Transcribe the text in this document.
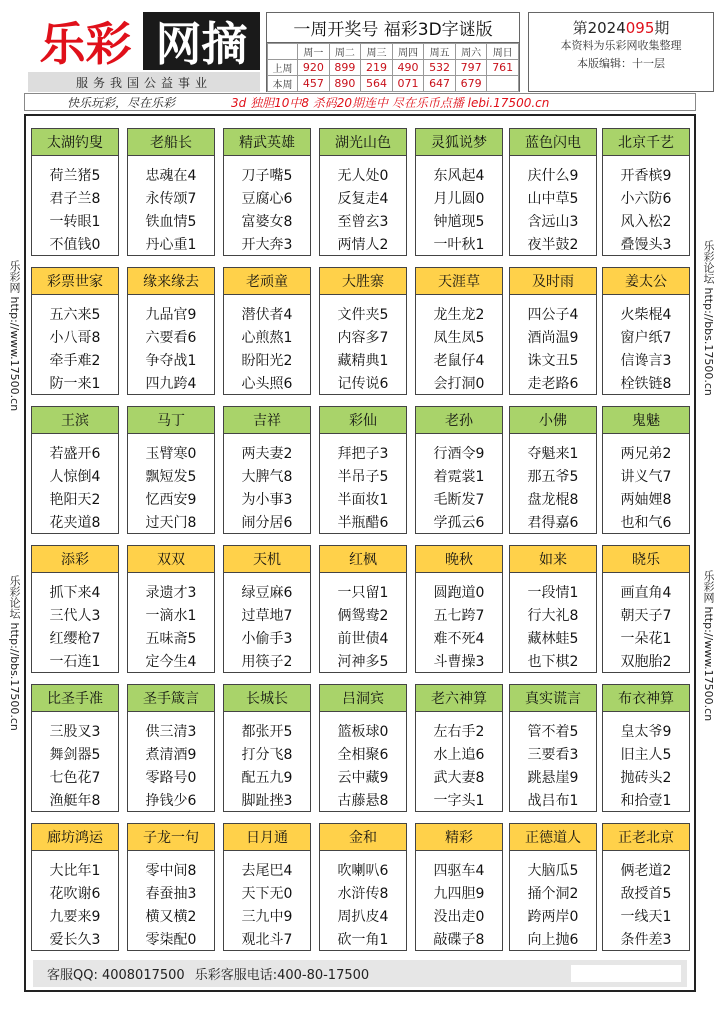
乐彩 网摘
服务我国公益事业
一周开奖号 福彩3D字谜版
	周一	周二	周三	周四	周五	周六	周日
上周	920	899	219	490	532	797	761
本周	457	890	564	071	647	679	
第2024095期
本资料为乐彩网收集整理
本版编辑：十一层
快乐玩彩，尽在乐彩	3d 独胆10中8 杀码20期连中 尽在乐币点播 lebi.17500.cn
乐彩网 http://www.17500.cn
乐彩论坛 http://bbs.17500.cn
乐彩论坛 http://bbs.17500.cn
乐彩网 http://www.17500.cn
太湖钓叟
荷兰猪5
君子兰8
一转眼1
不值钱0
老船长
忠魂在4
永传颂7
铁血情5
丹心重1
精武英雄
刀子嘴5
豆腐心6
富婆女8
开大奔3
湖光山色
无人处0
反复走4
至曾玄3
两情人2
灵狐说梦
东风起4
月儿圆0
钟馗现5
一叶秋1
蓝色闪电
庆什么9
山中草5
含远山3
夜半鼓2
北京千艺
开香槟9
小六防6
风入松2
叠馒头3
彩票世家
五六来5
小八哥8
牵手难2
防一来1
缘来缘去
九品官9
六要看6
争夺战1
四九跨4
老顽童
潜伏者4
心煎熬1
盼阳光2
心头照6
大胜寨
文件夹5
内容多7
藏精典1
记传说6
天涯草
龙生龙2
凤生凤5
老鼠仔4
会打洞0
及时雨
四公子4
酒尚温9
诛文丑5
走老路6
姜太公
火柴棍4
窗户纸7
信谗言3
栓铁链8
王滨
若盛开6
人惊倒4
艳阳天2
花夹道8
马丁
玉臂寒0
飘短发5
忆西安9
过天门8
吉祥
两夫妻2
大脾气8
为小事3
闹分居6
彩仙
拜把子3
半吊子5
半面妆1
半瓶醋6
老孙
行酒令9
着霓裳1
毛断发7
学孤云6
小佛
夺魁来1
那五爷5
盘龙棍8
君得嘉6
鬼魅
两兄弟2
讲义气7
两妯娌8
也和气6
添彩
抓下来4
三代人3
红缨枪7
一石连1
双双
录遗才3
一滴水1
五味斋5
定今生4
天机
绿豆麻6
过草地7
小偷手3
用筷子2
红枫
一只留1
俩鸳鸯2
前世债4
河神多5
晚秋
圆跑道0
五七跨7
难不死4
斗曹操3
如来
一段情1
行大礼8
藏林蛙5
也下棋2
晓乐
画直角4
朝天子7
一朵花1
双胞胎2
比圣手准
三股叉3
舞剑器5
七色花7
渔艇年8
圣手箴言
供三清3
煮清酒9
零路号0
挣钱少6
长城长
都张开5
打分飞8
配五九9
脚趾挫3
吕洞宾
篮板球0
全相聚6
云中藏9
古藤悬8
老六神算
左右手2
水上追6
武大妻8
一字头1
真实谎言
管不着5
三要看3
跳悬崖9
战吕布1
布衣神算
皇太爷9
旧主人5
抛砖头2
和拾壹1
廊坊鸿运
大比年1
花吹谢6
九要来9
爱长久3
子龙一句
零中间8
春蚕抽3
横又横2
零柒配0
日月通
去尾巴4
天下无0
三九中9
观北斗7
金和
吹喇叭6
水浒传8
周扒皮4
砍一角1
精彩
四驱车4
九四胆9
没出走0
敲碟子8
正德道人
大脑瓜5
捅个洞2
跨两岸0
向上抛6
正老北京
俩老道2
敌授首5
一线天1
条件差3
客服QQ: 4008017500 乐彩客服电话:400-80-17500
